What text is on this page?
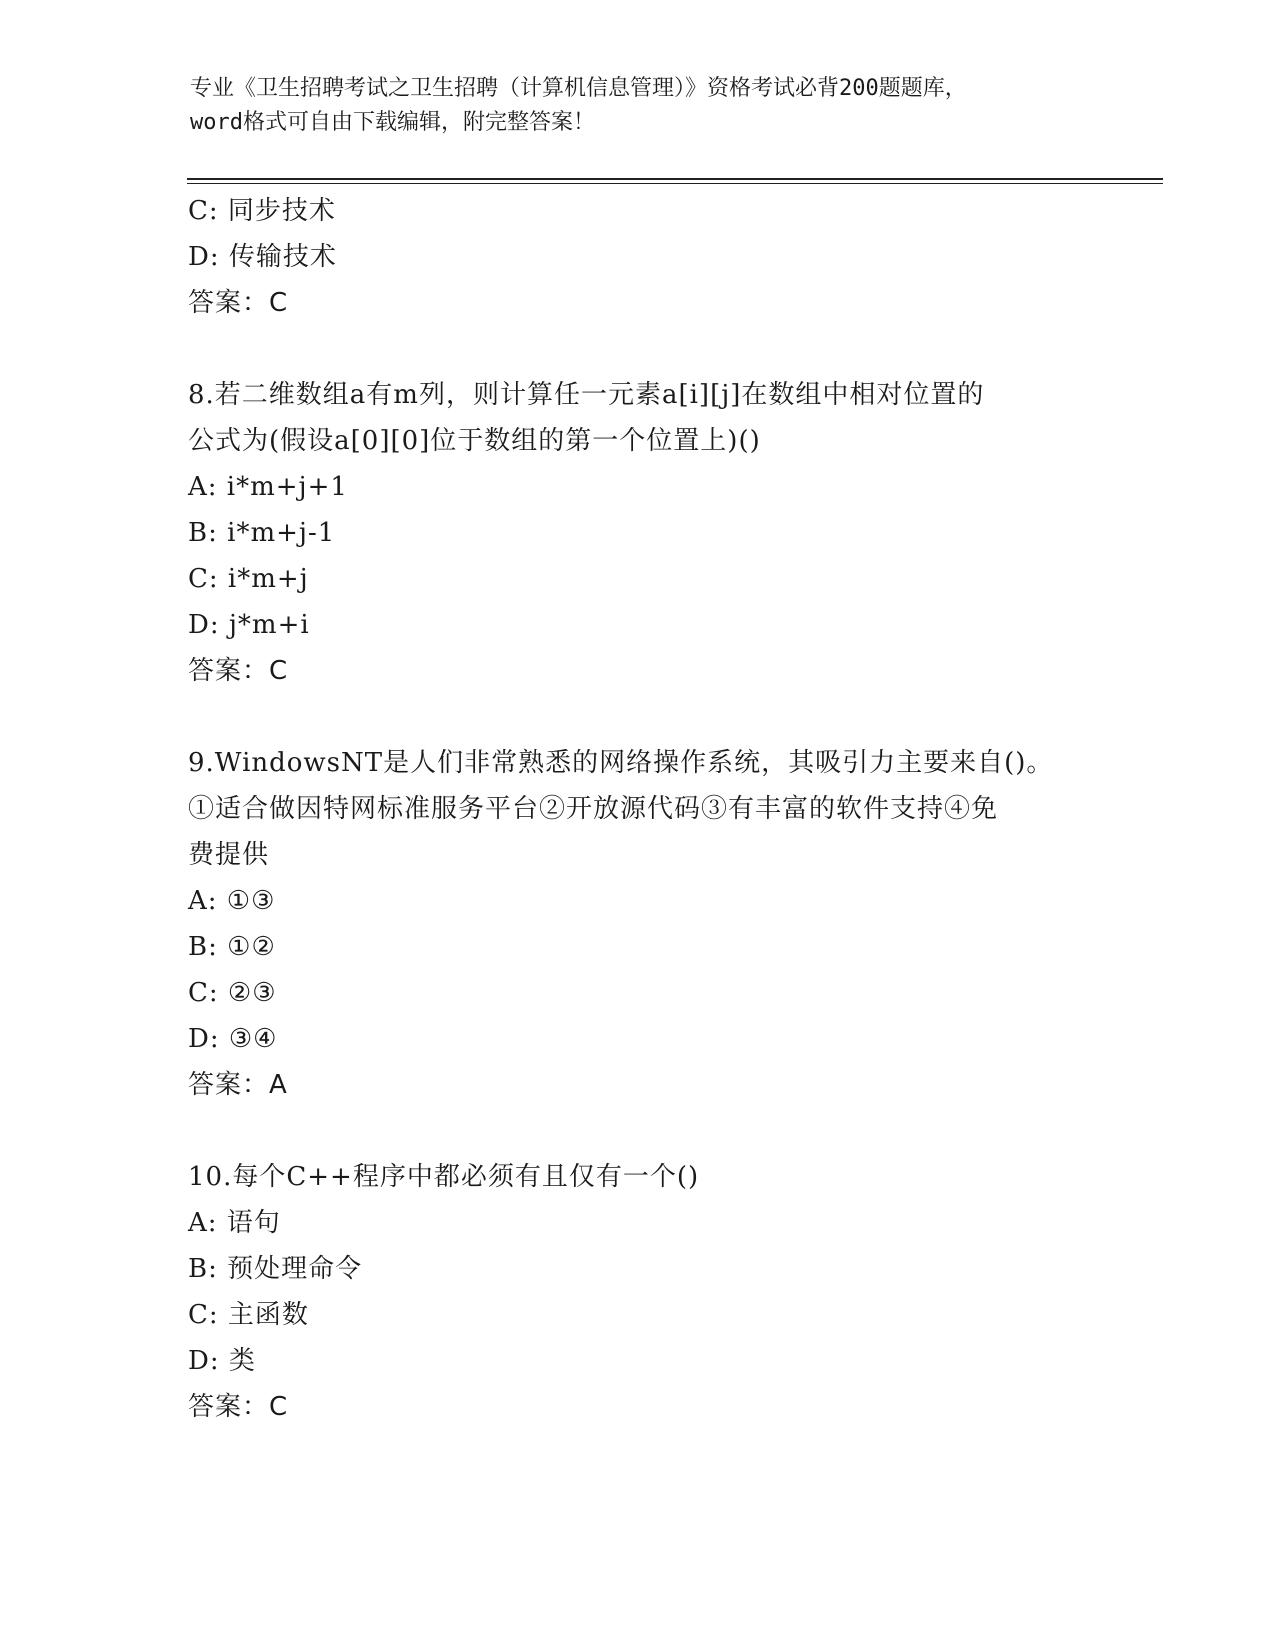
专业《卫生招聘考试之卫生招聘（计算机信息管理）》资格考试必背200题题库，
word格式可自由下载编辑，附完整答案！
C: 同步技术
D: 传输技术
答案：C
8.若二维数组a有m列，则计算任一元素a[i][j]在数组中相对位置的
公式为(假设a[0][0]位于数组的第一个位置上)()
A: i*m+j+1
B: i*m+j-1
C: i*m+j
D: j*m+i
答案：C
9.WindowsNT是人们非常熟悉的网络操作系统，其吸引力主要来自()。
①适合做因特网标准服务平台②开放源代码③有丰富的软件支持④免
费提供
A: ①③
B: ①②
C: ②③
D: ③④
答案：A
10.每个C++程序中都必须有且仅有一个()
A: 语句
B: 预处理命令
C: 主函数
D: 类
答案：C
